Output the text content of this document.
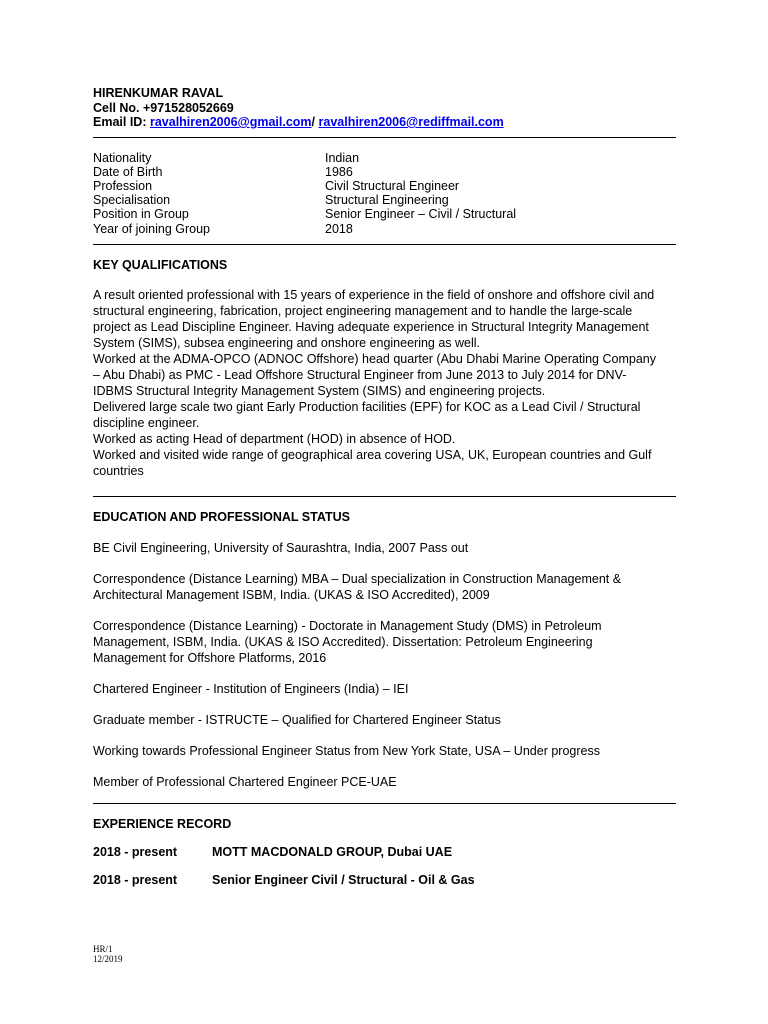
HIRENKUMAR RAVAL
Cell No. +971528052669
Email ID: ravalhiren2006@gmail.com/ ravalhiren2006@rediffmail.com
Nationality	Indian
Date of Birth	1986
Profession	Civil Structural Engineer
Specialisation	Structural Engineering
Position in Group	Senior Engineer – Civil / Structural
Year of joining Group	2018
KEY QUALIFICATIONS
A result oriented professional with 15 years of experience in the field of onshore and offshore civil and
structural engineering, fabrication, project engineering management and to handle the large-scale
project as Lead Discipline Engineer. Having adequate experience in Structural Integrity Management
System (SIMS), subsea engineering and onshore engineering as well.
Worked at the ADMA-OPCO (ADNOC Offshore) head quarter (Abu Dhabi Marine Operating Company
– Abu Dhabi) as PMC - Lead Offshore Structural Engineer from June 2013 to July 2014 for DNV-
IDBMS Structural Integrity Management System (SIMS) and engineering projects.
Delivered large scale two giant Early Production facilities (EPF) for KOC as a Lead Civil / Structural
discipline engineer.
Worked as acting Head of department (HOD) in absence of HOD.
Worked and visited wide range of geographical area covering USA, UK, European countries and Gulf
countries
EDUCATION AND PROFESSIONAL STATUS
BE Civil Engineering, University of Saurashtra, India, 2007 Pass out
Correspondence (Distance Learning) MBA – Dual specialization in Construction Management &
Architectural Management ISBM, India. (UKAS & ISO Accredited), 2009
Correspondence (Distance Learning) - Doctorate in Management Study (DMS) in Petroleum
Management, ISBM, India. (UKAS & ISO Accredited). Dissertation: Petroleum Engineering
Management for Offshore Platforms, 2016
Chartered Engineer - Institution of Engineers (India) – IEI
Graduate member - ISTRUCTE – Qualified for Chartered Engineer Status
Working towards Professional Engineer Status from New York State, USA – Under progress
Member of Professional Chartered Engineer PCE-UAE
EXPERIENCE RECORD
2018 - present	MOTT MACDONALD GROUP, Dubai UAE
2018 - present	Senior Engineer Civil / Structural - Oil & Gas
HR/1
12/2019
